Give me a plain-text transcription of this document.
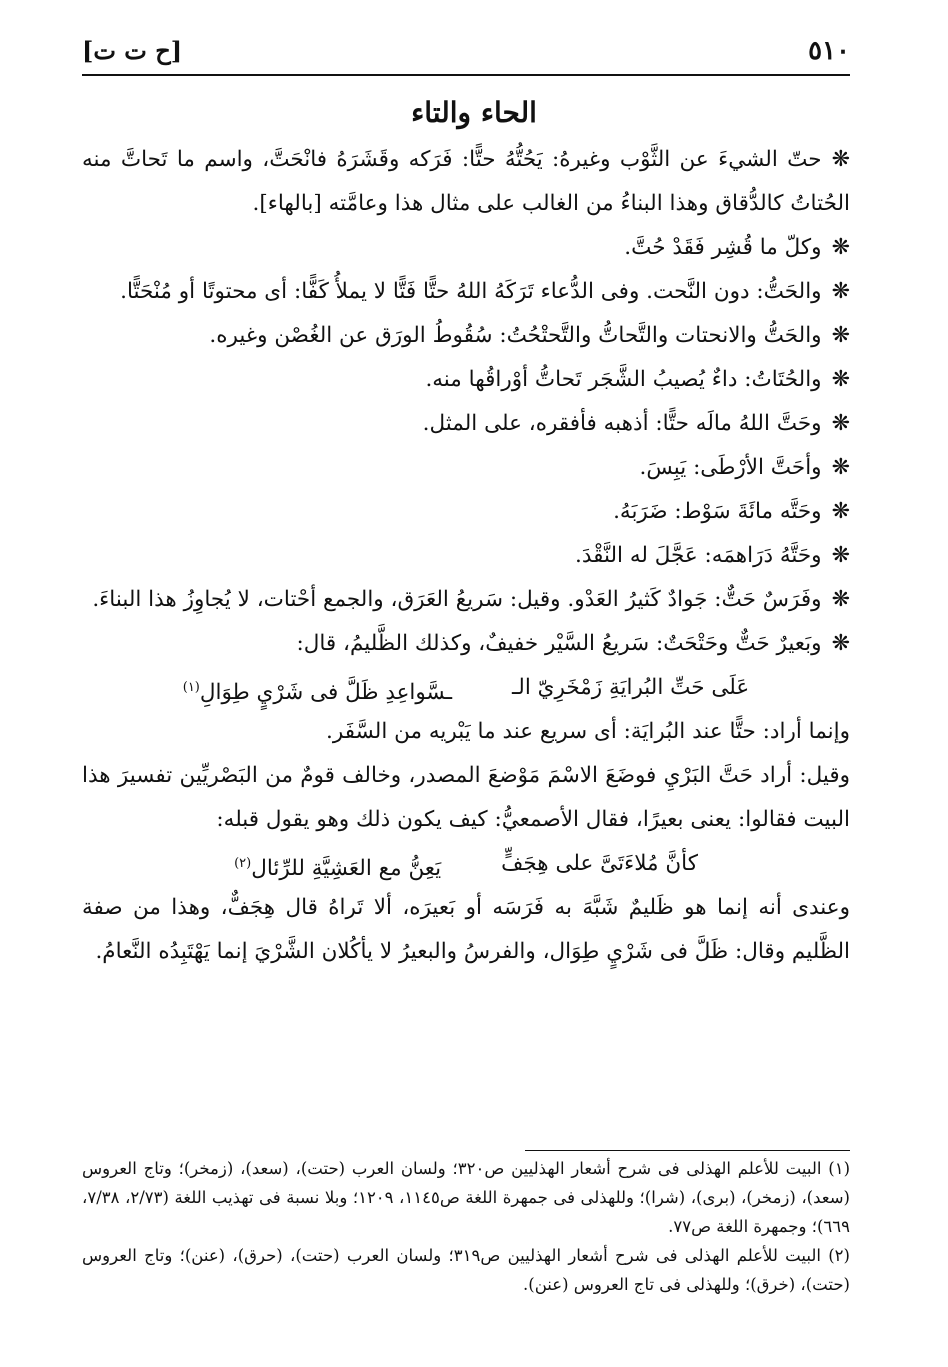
٥١٠
[ح ت ت]
الحاء والتاء

❋حتّ الشيءَ عن الثَّوْب وغيرهُ: يَحُتُّهُ حتًّا: فَرَكه وقَشَرَهُ فانْحَتَّ، واسم ما تَحاتَّ منه الحُتاتُ كالدُّقاق وهذا البناءُ من الغالب على مثال هذا وعامَّته [بالهاء].

❋وكلّ ما قُشِر فَقَدْ حُتَّ.

❋والحَتُّ: دون النَّحت. وفى الدُّعاء تَرَكَهُ اللهُ حتًّا فَتًّا لا يملأُ كَفًّا: أى محتوتًا أو مُنْحَتًّا.

❋والحَتُّ والانحتات والتَّحاتُّ والتَّحتْحُتُ: سُقُوطُ الورَق عن الغُصْن وغيره.

❋والحُتَاتُ: داءٌ يُصيبُ الشَّجَر تَحاتُّ أوْراقُها منه.

❋وحَتَّ اللهُ مالَه حتًّا: أذهبه فأفقره، على المثل.

❋وأحَتَّ الأرْطَى: يَبِسَ.

❋وحَتَّه مائَةَ سَوْط: ضَرَبَهُ.

❋وحَتَّهُ دَرَاهمَه: عَجَّلَ له النَّقْدَ.

❋وفَرَسٌ حَتٌّ: جَوادٌ كَثيرُ العَدْو. وقيل: سَريعُ العَرَق، والجمع أحْتات، لا يُجاوِزُ هذا البناءَ.

❋وبَعيرٌ حَتٌّ وحَتْحَتٌ: سَريعُ السَّيْر خفيفٌ، وكذلك الظَّليمُ، قال:

عَلَى حَتِّ البُرايَةِ زَمْخَرِيّ الـ
ـسَّواعِدِ ظَلَّ فى شَرْيٍ طِوَالِ$^{(١)}$

وإنما أراد: حتًّا عند البُرايَة: أى سريع عند ما يَبْريه من السَّفَر.

وقيل: أراد حَتَّ البَرْيِ فوضَعَ الاسْمَ مَوْضعَ المصدر، وخالف قومٌ من البَصْريِّين تفسيرَ هذا البيت فقالوا: يعنى بعيرًا، فقال الأصمعيُّ: كيف يكون ذلك وهو يقول قبله:

كأنَّ مُلاءَتَىَّ على هِجَفٍّ
يَعِنُّ مع العَشِيَّةِ للرِّئال$^{(٢)}$

وعندى أنه إنما هو ظَليمٌ شَبَّهَ به فَرَسَه أو بَعيرَه، ألا تَراهُ قال هِجَفٌّ، وهذا من صفة الظَّليم وقال: ظَلَّ فى شَرْيٍ طِوَال، والفرسُ والبعيرُ لا يأكُلان الشَّرْيَ إنما يَهْتَبِدُه النَّعامُ.

(١) البيت للأعلم الهذلى فى شرح أشعار الهذليين ص٣٢٠؛ ولسان العرب (حتت)، (سعد)، (زمخر)؛ وتاج العروس (سعد)، (زمخر)، (برى)، (شرا)؛ وللهذلى فى جمهرة اللغة ص١١٤٥، ١٢٠٩؛ وبلا نسبة فى تهذيب اللغة (٢/٧٣، ٧/٣٨، ٦٦٩)؛ وجمهرة اللغة ص٧٧.

(٢) البيت للأعلم الهذلى فى شرح أشعار الهذليين ص٣١٩؛ ولسان العرب (حتت)، (حرق)، (عنن)؛ وتاج العروس (حتت)، (خرق)؛ وللهذلى فى تاج العروس (عنن).
